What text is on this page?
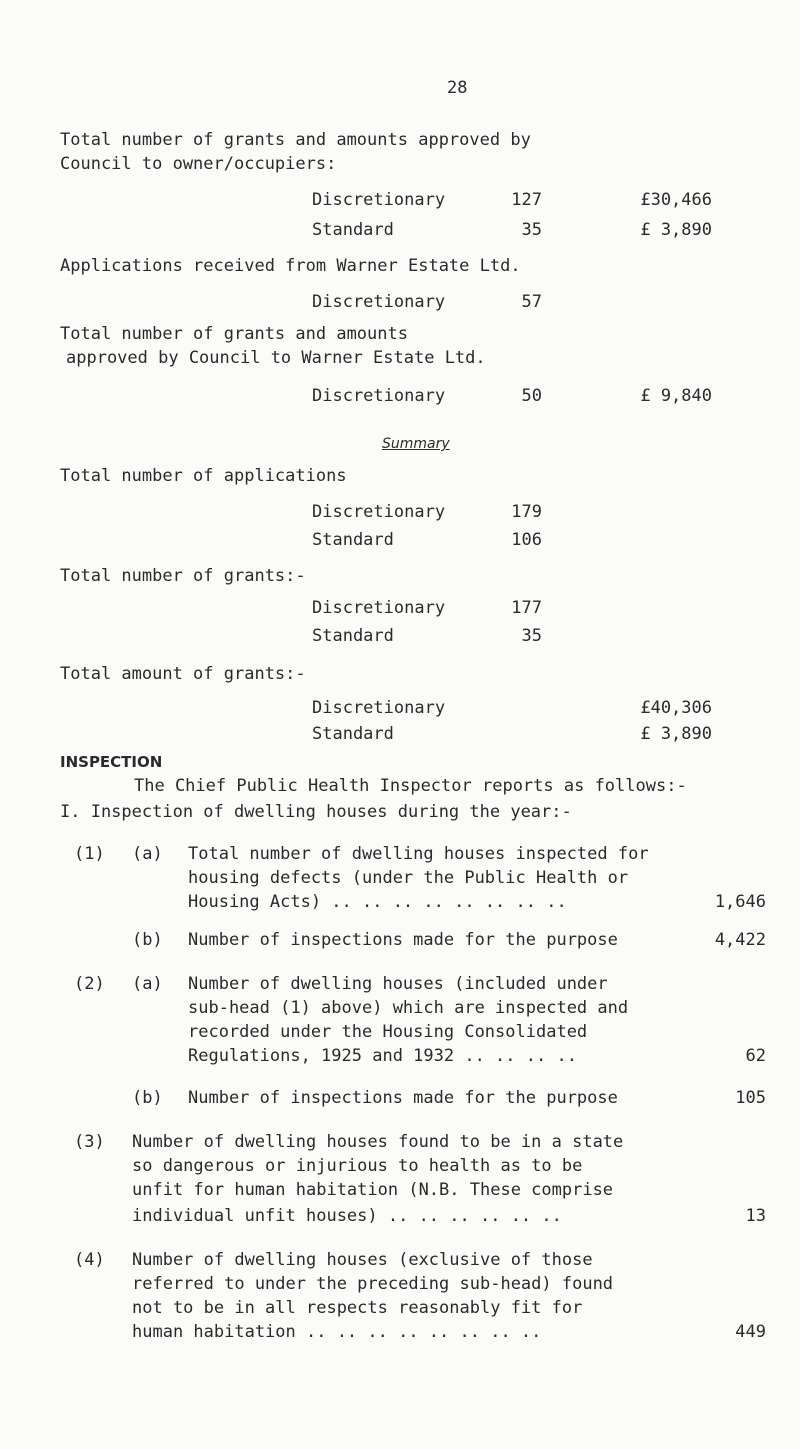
28
Total number of grants and amounts approved by
Council to owner/occupiers:
Discretionary	127	£30,466
Standard	35	£ 3,890
Applications received from Warner Estate Ltd.
Discretionary	57
Total number of grants and amounts
approved by Council to Warner Estate Ltd.
Discretionary	50	£ 9,840
Summary
Total number of applications
Discretionary	179
Standard	106
Total number of grants:-
Discretionary	177
Standard	35
Total amount of grants:-
Discretionary	£40,306
Standard	£ 3,890
INSPECTION
The Chief Public Health Inspector reports as follows:-
I. Inspection of dwelling houses during the year:-
(1) (a) Total number of dwelling houses inspected for
housing defects (under the Public Health or
Housing Acts) .. .. .. .. .. .. .. ..	1,646
(b) Number of inspections made for the purpose	4,422
(2) (a) Number of dwelling houses (included under
sub-head (1) above) which are inspected and
recorded under the Housing Consolidated
Regulations, 1925 and 1932 .. .. .. ..	62
(b) Number of inspections made for the purpose	105
(3) Number of dwelling houses found to be in a state
so dangerous or injurious to health as to be
unfit for human habitation (N.B. These comprise
individual unfit houses) .. .. .. .. .. ..	13
(4) Number of dwelling houses (exclusive of those
referred to under the preceding sub-head) found
not to be in all respects reasonably fit for
human habitation .. .. .. .. .. .. .. ..	449
